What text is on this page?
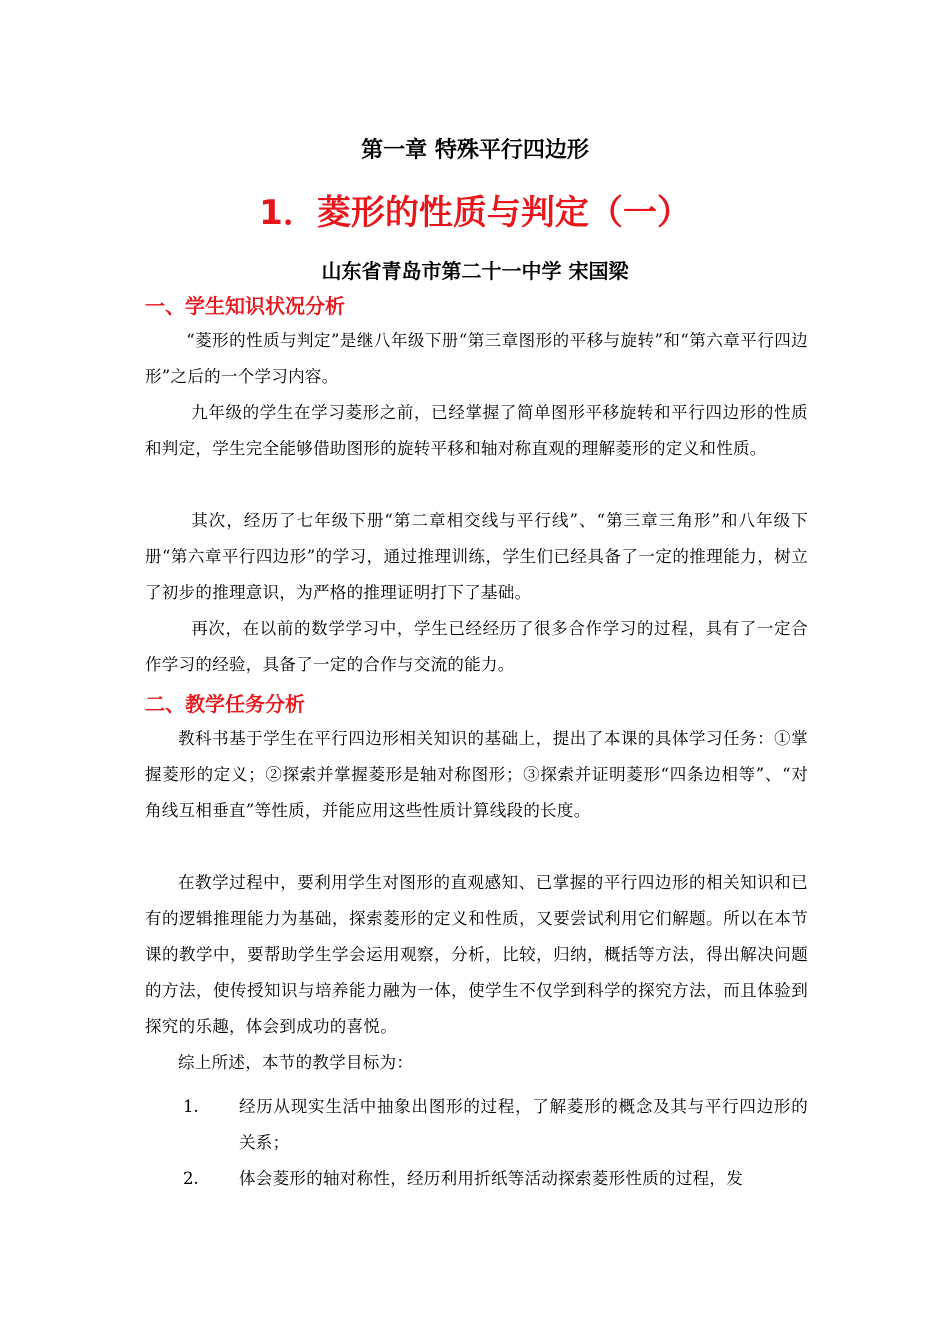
第一章 特殊平行四边形
1．菱形的性质与判定（一）
山东省青岛市第二十一中学 宋国梁
一、学生知识状况分析

“菱形的性质与判定”是继八年级下册“第三章图形的平移与旋转”和“第六章平行四边形”之后的一个学习内容。

九年级的学生在学习菱形之前，已经掌握了简单图形平移旋转和平行四边形的性质和判定，学生完全能够借助图形的旋转平移和轴对称直观的理解菱形的定义和性质。

其次，经历了七年级下册“第二章相交线与平行线”、“第三章三角形”和八年级下册“第六章平行四边形”的学习，通过推理训练，学生们已经具备了一定的推理能力，树立了初步的推理意识，为严格的推理证明打下了基础。

再次，在以前的数学学习中，学生已经经历了很多合作学习的过程，具有了一定合作学习的经验，具备了一定的合作与交流的能力。

二、教学任务分析

教科书基于学生在平行四边形相关知识的基础上，提出了本课的具体学习任务：①掌握菱形的定义；②探索并掌握菱形是轴对称图形；③探索并证明菱形“四条边相等”、“对角线互相垂直”等性质，并能应用这些性质计算线段的长度。

在教学过程中，要利用学生对图形的直观感知、已掌握的平行四边形的相关知识和已有的逻辑推理能力为基础，探索菱形的定义和性质，又要尝试利用它们解题。所以在本节课的教学中，要帮助学生学会运用观察，分析，比较，归纳，概括等方法，得出解决问题的方法，使传授知识与培养能力融为一体，使学生不仅学到科学的探究方法，而且体验到探究的乐趣，体会到成功的喜悦。

综上所述，本节的教学目标为：

1. 经历从现实生活中抽象出图形的过程，了解菱形的概念及其与平行四边形的关系；
2. 体会菱形的轴对称性，经历利用折纸等活动探索菱形性质的过程，发
